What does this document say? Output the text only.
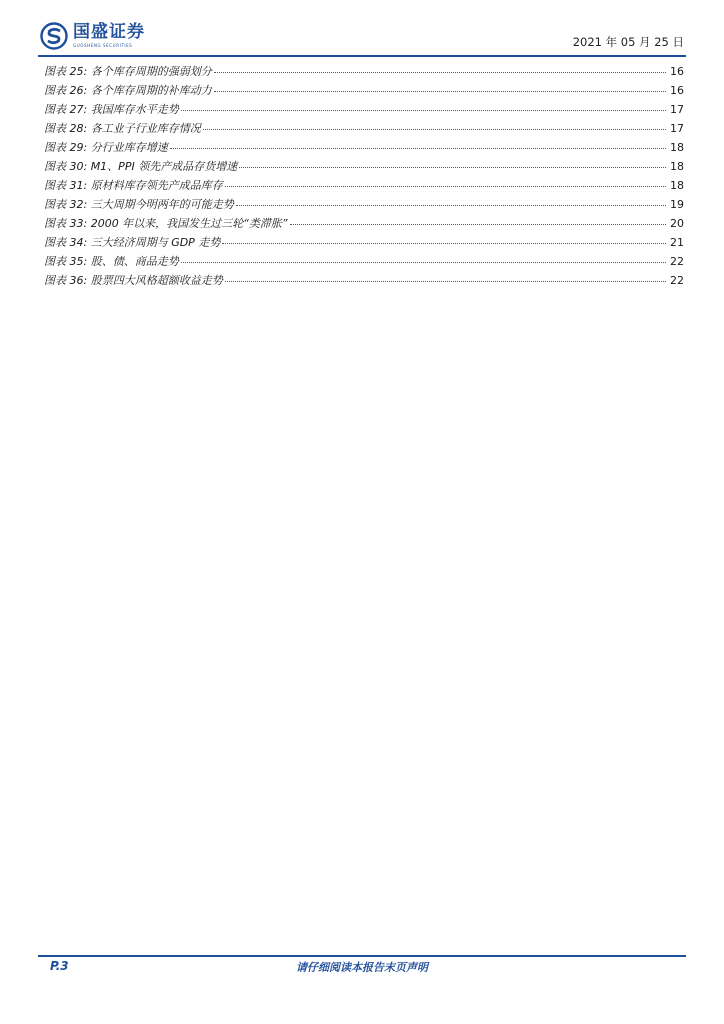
国盛证券
GUOSHENG SECURITIES	2021 年 05 月 25 日
图表 25: 各个库存周期的强弱划分	16
图表 26: 各个库存周期的补库动力	16
图表 27: 我国库存水平走势	17
图表 28: 各工业子行业库存情况	17
图表 29: 分行业库存增速	18
图表 30: M1、PPI 领先产成品存货增速	18
图表 31: 原材料库存领先产成品库存	18
图表 32: 三大周期今明两年的可能走势	19
图表 33: 2000 年以来，我国发生过三轮“类滞胀”	20
图表 34: 三大经济周期与 GDP 走势	21
图表 35: 股、债、商品走势	22
图表 36: 股票四大风格超额收益走势	22
P.3	请仔细阅读本报告末页声明
